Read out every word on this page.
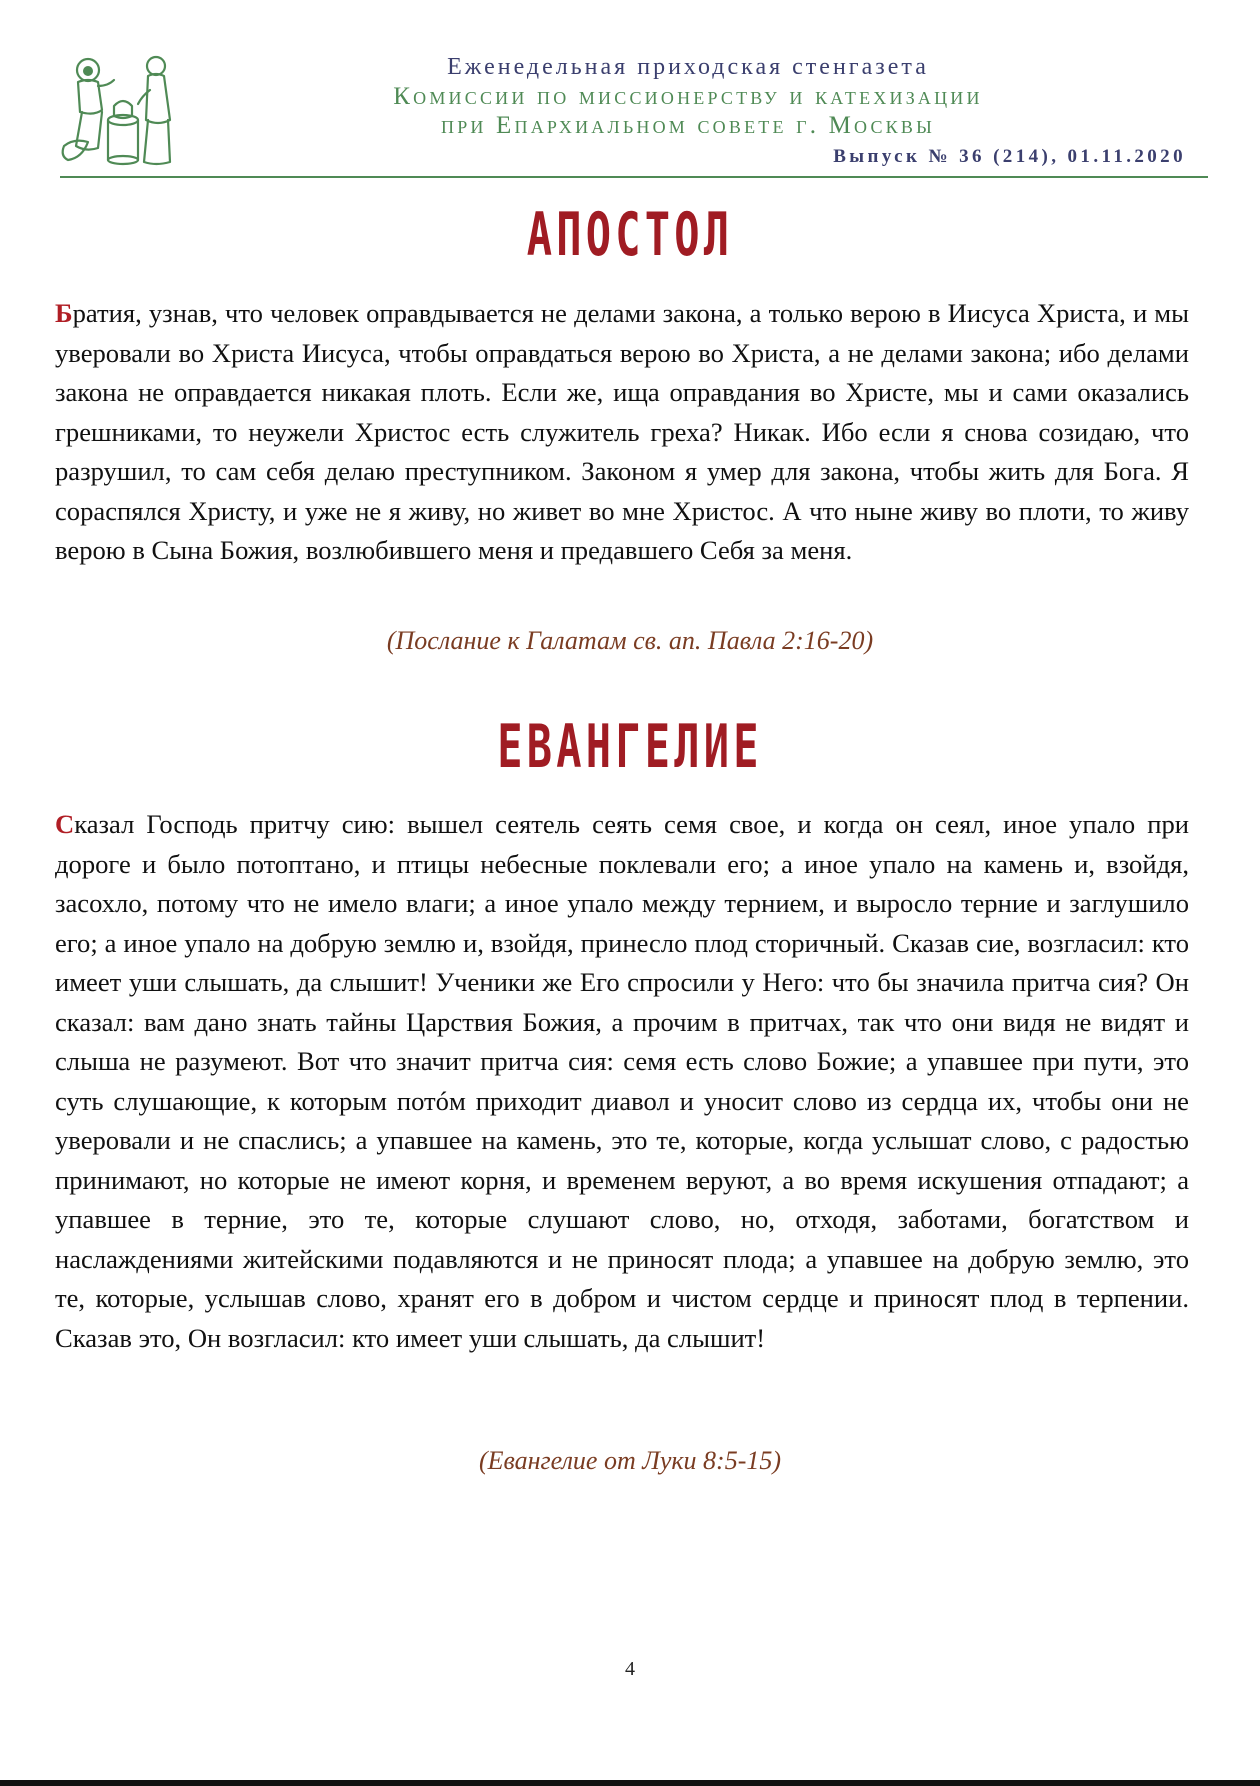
Еженедельная приходская стенгазета
Комиссии по миссионерству и катехизации
при Епархиальном совете г. Москвы
Выпуск № 36 (214), 01.11.2020
АПОСТОЛ
Братия, узнав, что человек оправдывается не делами закона, а только верою в Иисуса Христа, и мы уверовали во Христа Иисуса, чтобы оправдаться верою во Христа, а не делами закона; ибо делами закона не оправдается никакая плоть. Если же, ища оправдания во Христе, мы и сами оказались грешниками, то неужели Христос есть служитель греха? Никак. Ибо если я снова созидаю, что разрушил, то сам себя делаю преступником. Законом я умер для закона, чтобы жить для Бога. Я сораспялся Христу, и уже не я живу, но живет во мне Христос. А что ныне живу во плоти, то живу верою в Сына Божия, возлюбившего меня и предавшего Себя за меня.
(Послание к Галатам св. ап. Павла 2:16-20)
ЕВАНГЕЛИЕ
Сказал Господь притчу сию: вышел сеятель сеять семя свое, и когда он сеял, иное упало при дороге и было потоптано, и птицы небесные поклевали его; а иное упало на камень и, взойдя, засохло, потому что не имело влаги; а иное упало между тернием, и выросло терние и заглушило его; а иное упало на добрую землю и, взойдя, принесло плод сторичный. Сказав сие, возгласил: кто имеет уши слышать, да слышит! Ученики же Его спросили у Него: что бы значила притча сия? Он сказал: вам дано знать тайны Царствия Божия, а прочим в притчах, так что они видя не видят и слыша не разумеют. Вот что значит притча сия: семя есть слово Божие; а упавшее при пути, это суть слушающие, к которым потóм приходит диавол и уносит слово из сердца их, чтобы они не уверовали и не спаслись; а упавшее на камень, это те, которые, когда услышат слово, с радостью принимают, но которые не имеют корня, и временем веруют, а во время искушения отпадают; а упавшее в терние, это те, которые слушают слово, но, отходя, заботами, богатством и наслаждениями житейскими подавляются и не приносят плода; а упавшее на добрую землю, это те, которые, услышав слово, хранят его в добром и чистом сердце и приносят плод в терпении. Сказав это, Он возгласил: кто имеет уши слышать, да слышит!
(Евангелие от Луки 8:5-15)
4
